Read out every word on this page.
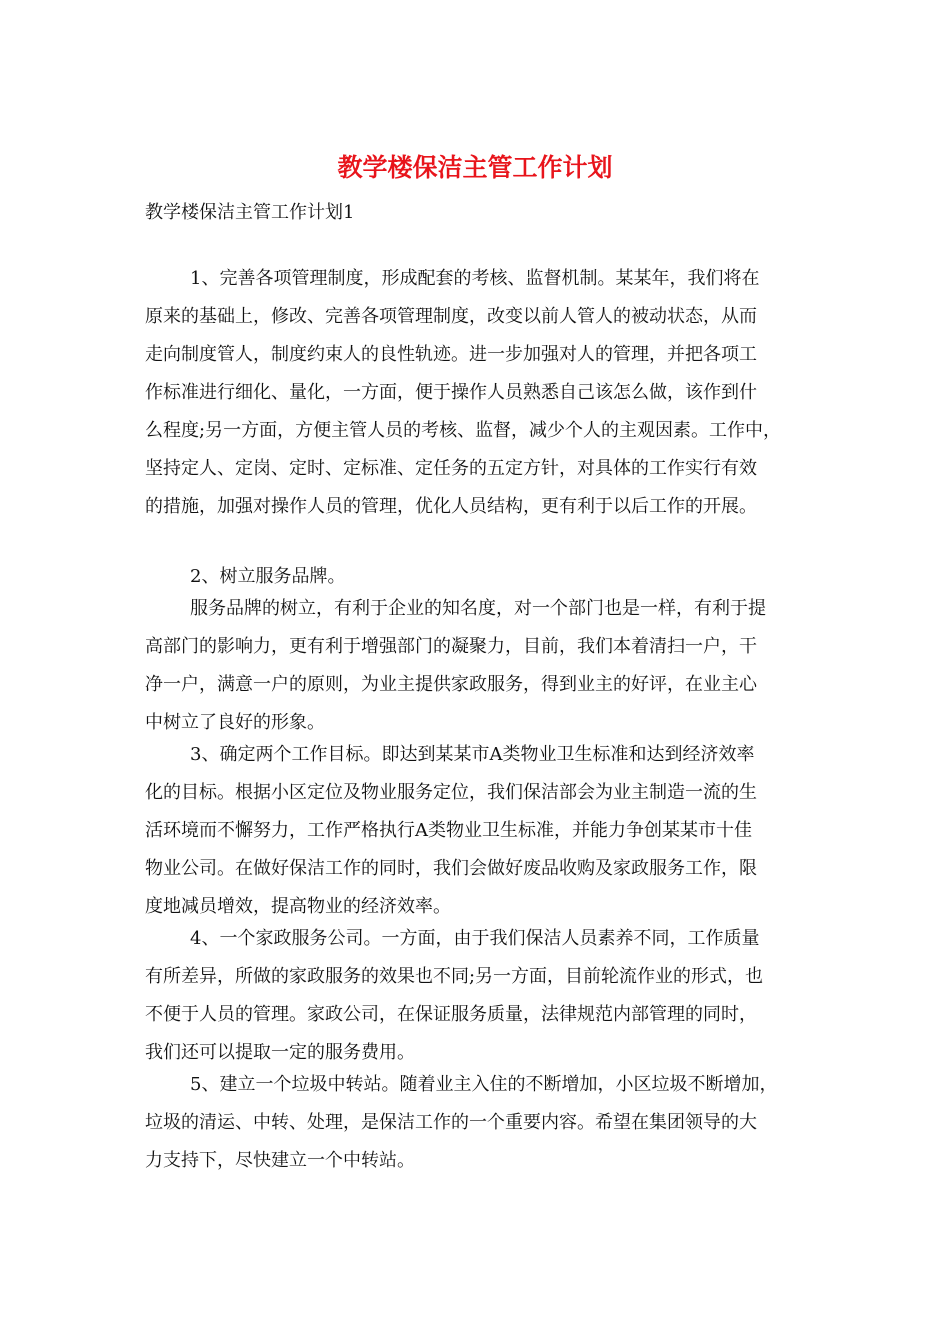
教学楼保洁主管工作计划
教学楼保洁主管工作计划1
1、完善各项管理制度，形成配套的考核、监督机制。某某年，我们将在
原来的基础上，修改、完善各项管理制度，改变以前人管人的被动状态，从而
走向制度管人，制度约束人的良性轨迹。进一步加强对人的管理，并把各项工
作标准进行细化、量化，一方面，便于操作人员熟悉自己该怎么做，该作到什
么程度;另一方面，方便主管人员的考核、监督，减少个人的主观因素。工作中，
坚持定人、定岗、定时、定标准、定任务的五定方针，对具体的工作实行有效
的措施，加强对操作人员的管理，优化人员结构，更有利于以后工作的开展。
2、树立服务品牌。
服务品牌的树立，有利于企业的知名度，对一个部门也是一样，有利于提
高部门的影响力，更有利于增强部门的凝聚力，目前，我们本着清扫一户，干
净一户，满意一户的原则，为业主提供家政服务，得到业主的好评，在业主心
中树立了良好的形象。
3、确定两个工作目标。即达到某某市A类物业卫生标准和达到经济效率
化的目标。根据小区定位及物业服务定位，我们保洁部会为业主制造一流的生
活环境而不懈努力，工作严格执行A类物业卫生标准，并能力争创某某市十佳
物业公司。在做好保洁工作的同时，我们会做好废品收购及家政服务工作，限
度地减员增效，提高物业的经济效率。
4、一个家政服务公司。一方面，由于我们保洁人员素养不同，工作质量
有所差异，所做的家政服务的效果也不同;另一方面，目前轮流作业的形式，也
不便于人员的管理。家政公司，在保证服务质量，法律规范内部管理的同时，
我们还可以提取一定的服务费用。
5、建立一个垃圾中转站。随着业主入住的不断增加，小区垃圾不断增加，
垃圾的清运、中转、处理，是保洁工作的一个重要内容。希望在集团领导的大
力支持下，尽快建立一个中转站。
